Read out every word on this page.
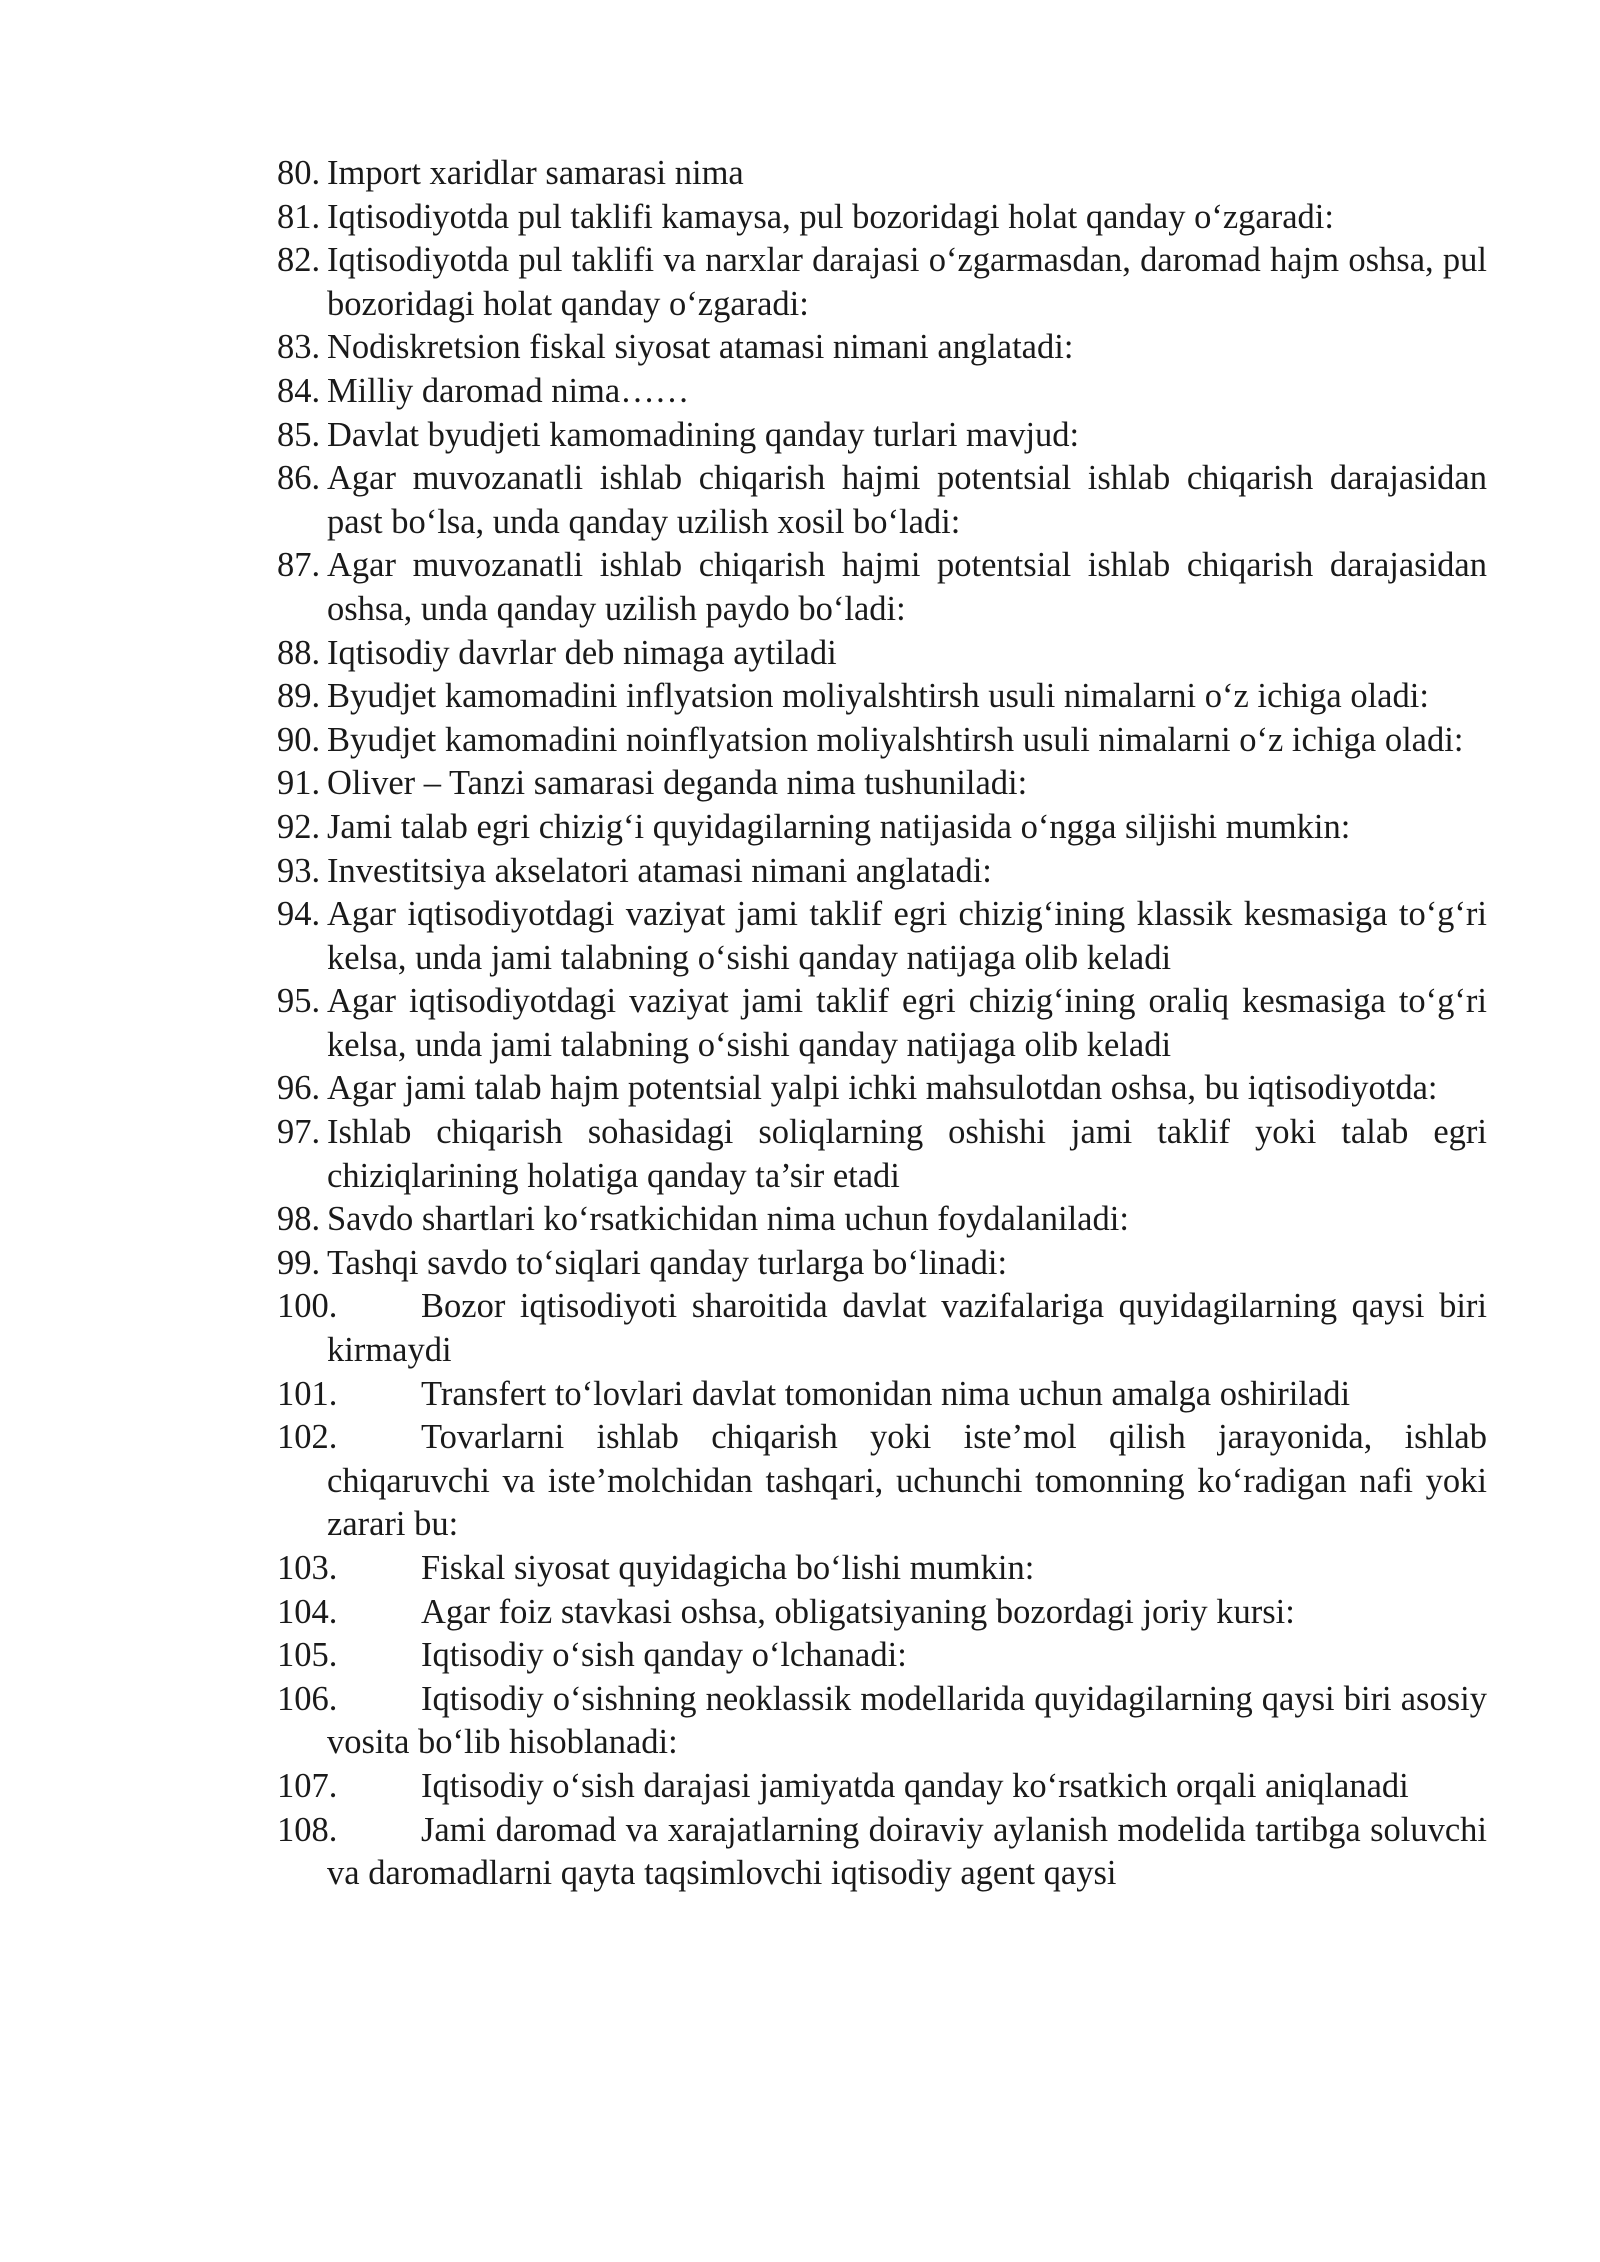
80. Import xaridlar samarasi nima
81. Iqtisodiyotda pul taklifi kamaysa, pul bozoridagi holat qanday o‘zgaradi:
82. Iqtisodiyotda pul taklifi va narxlar darajasi o‘zgarmasdan, daromad hajm oshsa, pul bozoridagi holat qanday o‘zgaradi:
83. Nodiskretsion fiskal siyosat atamasi nimani anglatadi:
84. Milliy daromad nima……
85. Davlat byudjeti kamomadining qanday turlari mavjud:
86. Agar muvozanatli ishlab chiqarish hajmi potentsial ishlab chiqarish darajasidan past bo‘lsa, unda qanday uzilish xosil bo‘ladi:
87. Agar muvozanatli ishlab chiqarish hajmi potentsial ishlab chiqarish darajasidan oshsa, unda qanday uzilish paydo bo‘ladi:
88. Iqtisodiy davrlar deb nimaga aytiladi
89. Byudjet kamomadini inflyatsion moliyalshtirsh usuli nimalarni o‘z ichiga oladi:
90. Byudjet kamomadini noinflyatsion moliyalshtirsh usuli nimalarni o‘z ichiga oladi:
91. Oliver – Tanzi samarasi deganda nima tushuniladi:
92. Jami talab egri chizig‘i quyidagilarning natijasida o‘ngga siljishi mumkin:
93. Investitsiya akselatori atamasi nimani anglatadi:
94. Agar iqtisodiyotdagi vaziyat jami taklif egri chizig‘ining klassik kesmasiga to‘g‘ri kelsa, unda jami talabning o‘sishi qanday natijaga olib keladi
95. Agar iqtisodiyotdagi vaziyat jami taklif egri chizig‘ining oraliq kesmasiga to‘g‘ri kelsa, unda jami talabning o‘sishi qanday natijaga olib keladi
96. Agar jami talab hajm potentsial yalpi ichki mahsulotdan oshsa, bu iqtisodiyotda:
97. Ishlab chiqarish sohasidagi soliqlarning oshishi jami taklif yoki talab egri chiziqlarining holatiga qanday ta’sir etadi
98. Savdo shartlari ko‘rsatkichidan nima uchun foydalaniladi:
99. Tashqi savdo to‘siqlari qanday turlarga bo‘linadi:
100. Bozor iqtisodiyoti sharoitida davlat vazifalariga quyidagilarning qaysi biri kirmaydi
101. Transfert to‘lovlari davlat tomonidan nima uchun amalga oshiriladi
102. Tovarlarni ishlab chiqarish yoki iste’mol qilish jarayonida, ishlab chiqaruvchi va iste’molchidan tashqari, uchunchi tomonning ko‘radigan nafi yoki zarari bu:
103. Fiskal siyosat quyidagicha bo‘lishi mumkin:
104. Agar foiz stavkasi oshsa, obligatsiyaning bozordagi joriy kursi:
105. Iqtisodiy o‘sish qanday o‘lchanadi:
106. Iqtisodiy o‘sishning neoklassik modellarida quyidagilarning qaysi biri asosiy vosita bo‘lib hisoblanadi:
107. Iqtisodiy o‘sish darajasi jamiyatda qanday ko‘rsatkich orqali aniqlanadi
108. Jami daromad va xarajatlarning doiraviy aylanish modelida tartibga soluvchi va daromadlarni qayta taqsimlovchi iqtisodiy agent qaysi
